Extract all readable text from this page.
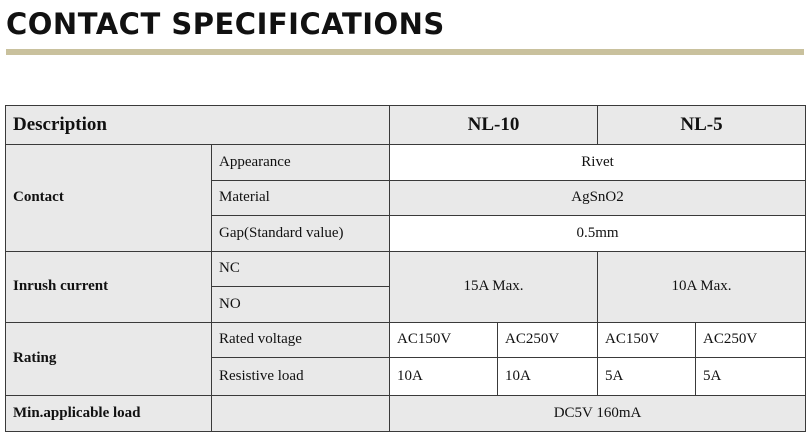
CONTACT SPECIFICATIONS
Description		NL-10		NL-5	
Contact	Appearance	Rivet			
	Material	AgSnO2			
	Gap(Standard value)	0.5mm			
Inrush current	NC	15A Max.		10A Max.	
	NO				
Rating	Rated voltage	AC150V	AC250V	AC150V	AC250V
	Resistive load	10A	10A	5A	5A
Min.applicable load		DC5V 160mA			
